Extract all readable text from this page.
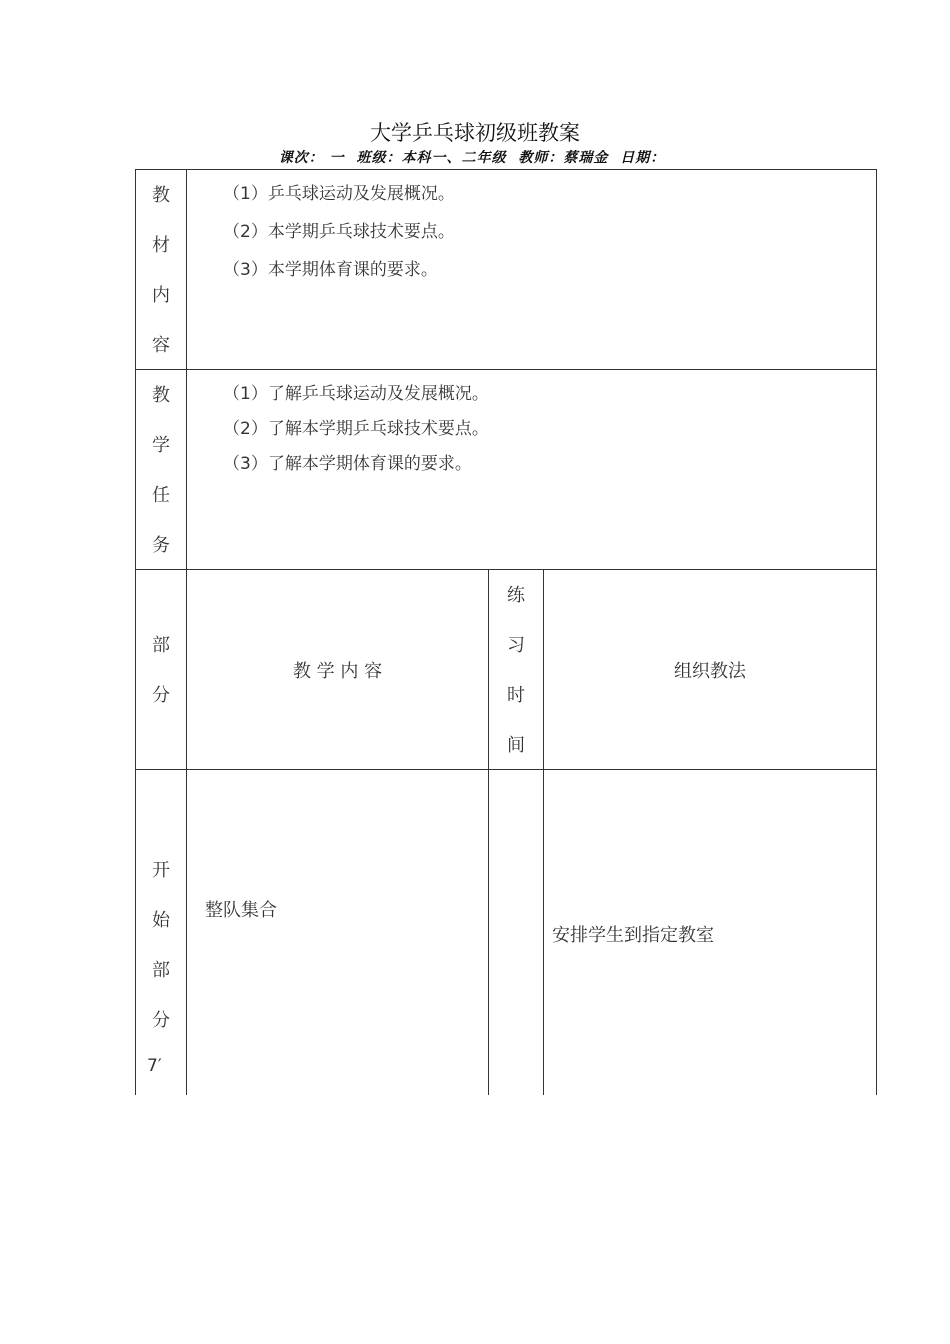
大学乒乓球初级班教案
课次： 一 班级：本科一、二年级 教师：蔡瑞金 日期：
教
材
内
容
（1）乒乓球运动及发展概况。
（2）本学期乒乓球技术要点。
（3）本学期体育课的要求。
教
学
任
务
（1）了解乒乓球运动及发展概况。
（2）了解本学期乒乓球技术要点。
（3）了解本学期体育课的要求。
部
分
教 学 内 容
练
习
时
间
组织教法
开
始
部
分
7′
整队集合
安排学生到指定教室
